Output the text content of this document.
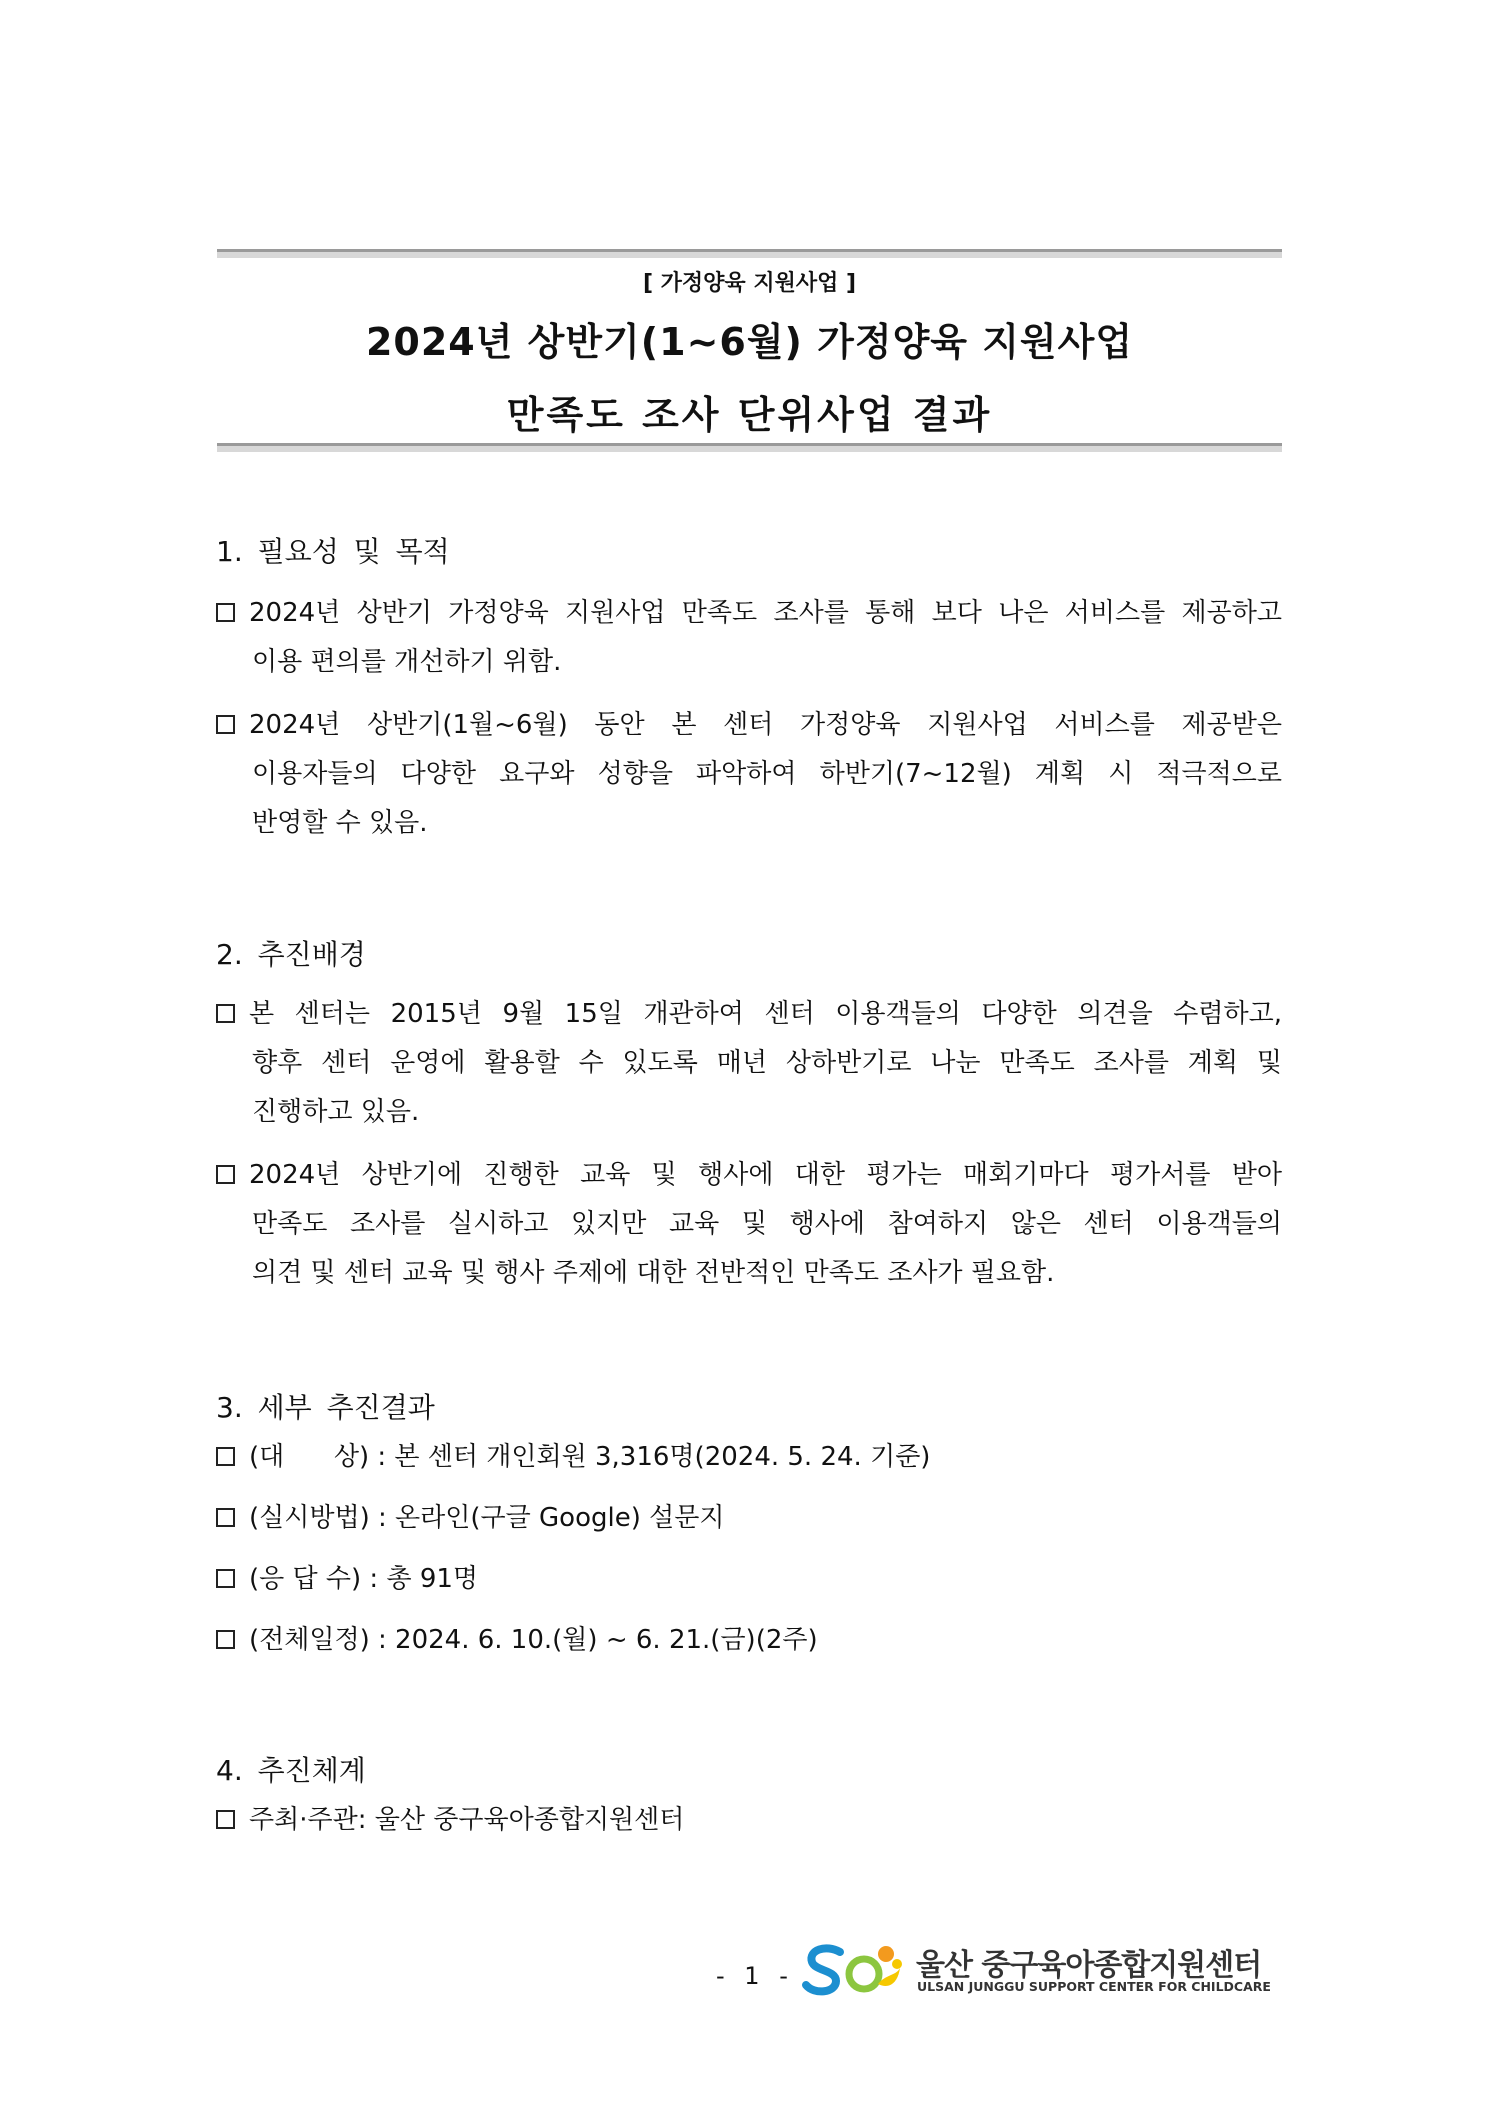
[ 가정양육 지원사업 ]
2024년 상반기(1~6월) 가정양육 지원사업
만족도 조사 단위사업 결과
1. 필요성 및 목적
2024년 상반기 가정양육 지원사업 만족도 조사를 통해 보다 나은 서비스를 제공하고
이용 편의를 개선하기 위함.
2024년 상반기(1월~6월) 동안 본 센터 가정양육 지원사업 서비스를 제공받은
이용자들의 다양한 요구와 성향을 파악하여 하반기(7~12월) 계획 시 적극적으로
반영할 수 있음.
2. 추진배경
본 센터는 2015년 9월 15일 개관하여 센터 이용객들의 다양한 의견을 수렴하고,
향후 센터 운영에 활용할 수 있도록 매년 상하반기로 나눈 만족도 조사를 계획 및
진행하고 있음.
2024년 상반기에 진행한 교육 및 행사에 대한 평가는 매회기마다 평가서를 받아
만족도 조사를 실시하고 있지만 교육 및 행사에 참여하지 않은 센터 이용객들의
의견 및 센터 교육 및 행사 주제에 대한 전반적인 만족도 조사가 필요함.
3. 세부 추진결과
(대      상) : 본 센터 개인회원 3,316명(2024. 5. 24. 기준)
(실시방법) : 온라인(구글 Google) 설문지
(응 답 수) : 총 91명
(전체일정) : 2024. 6. 10.(월) ~ 6. 21.(금)(2주)
4. 추진체계
주최·주관: 울산 중구육아종합지원센터
- 1 -	울산 중구육아종합지원센터
ULSAN JUNGGU SUPPORT CENTER FOR CHILDCARE
